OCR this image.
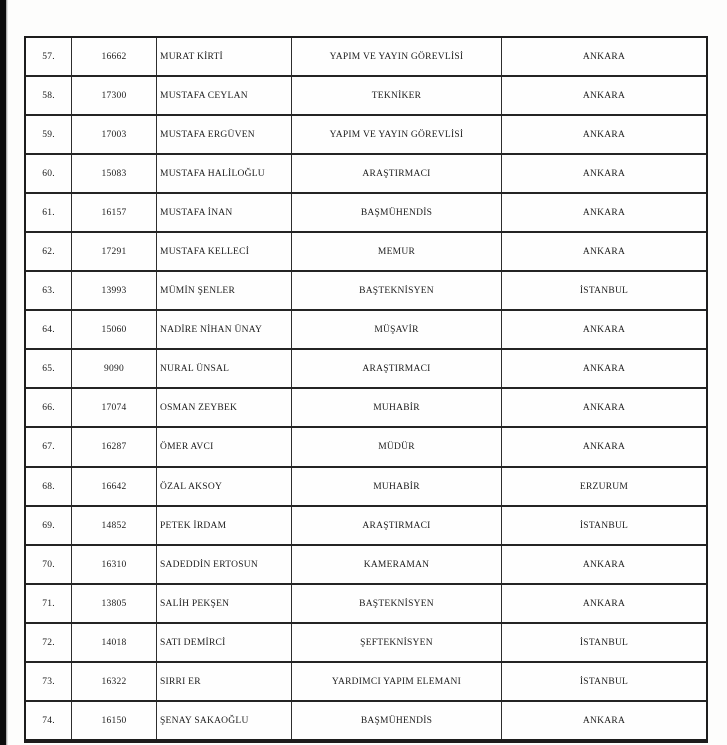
57.	16662	MURAT KİRTİ	YAPIM VE YAYIN GÖREVLİSİ	ANKARA
58.	17300	MUSTAFA CEYLAN	TEKNİKER	ANKARA
59.	17003	MUSTAFA ERGÜVEN	YAPIM VE YAYIN GÖREVLİSİ	ANKARA
60.	15083	MUSTAFA HALİLOĞLU	ARAŞTIRMACI	ANKARA
61.	16157	MUSTAFA İNAN	BAŞMÜHENDİS	ANKARA
62.	17291	MUSTAFA KELLECİ	MEMUR	ANKARA
63.	13993	MÜMİN ŞENLER	BAŞTEKNİSYEN	İSTANBUL
64.	15060	NADİRE NİHAN ÜNAY	MÜŞAVİR	ANKARA
65.	9090	NURAL ÜNSAL	ARAŞTIRMACI	ANKARA
66.	17074	OSMAN ZEYBEK	MUHABİR	ANKARA
67.	16287	ÖMER AVCI	MÜDÜR	ANKARA
68.	16642	ÖZAL AKSOY	MUHABİR	ERZURUM
69.	14852	PETEK İRDAM	ARAŞTIRMACI	İSTANBUL
70.	16310	SADEDDİN ERTOSUN	KAMERAMAN	ANKARA
71.	13805	SALİH PEKŞEN	BAŞTEKNİSYEN	ANKARA
72.	14018	SATI DEMİRCİ	ŞEFTEKNİSYEN	İSTANBUL
73.	16322	SIRRI ER	YARDIMCI YAPIM ELEMANI	İSTANBUL
74.	16150	ŞENAY SAKAOĞLU	BAŞMÜHENDİS	ANKARA
